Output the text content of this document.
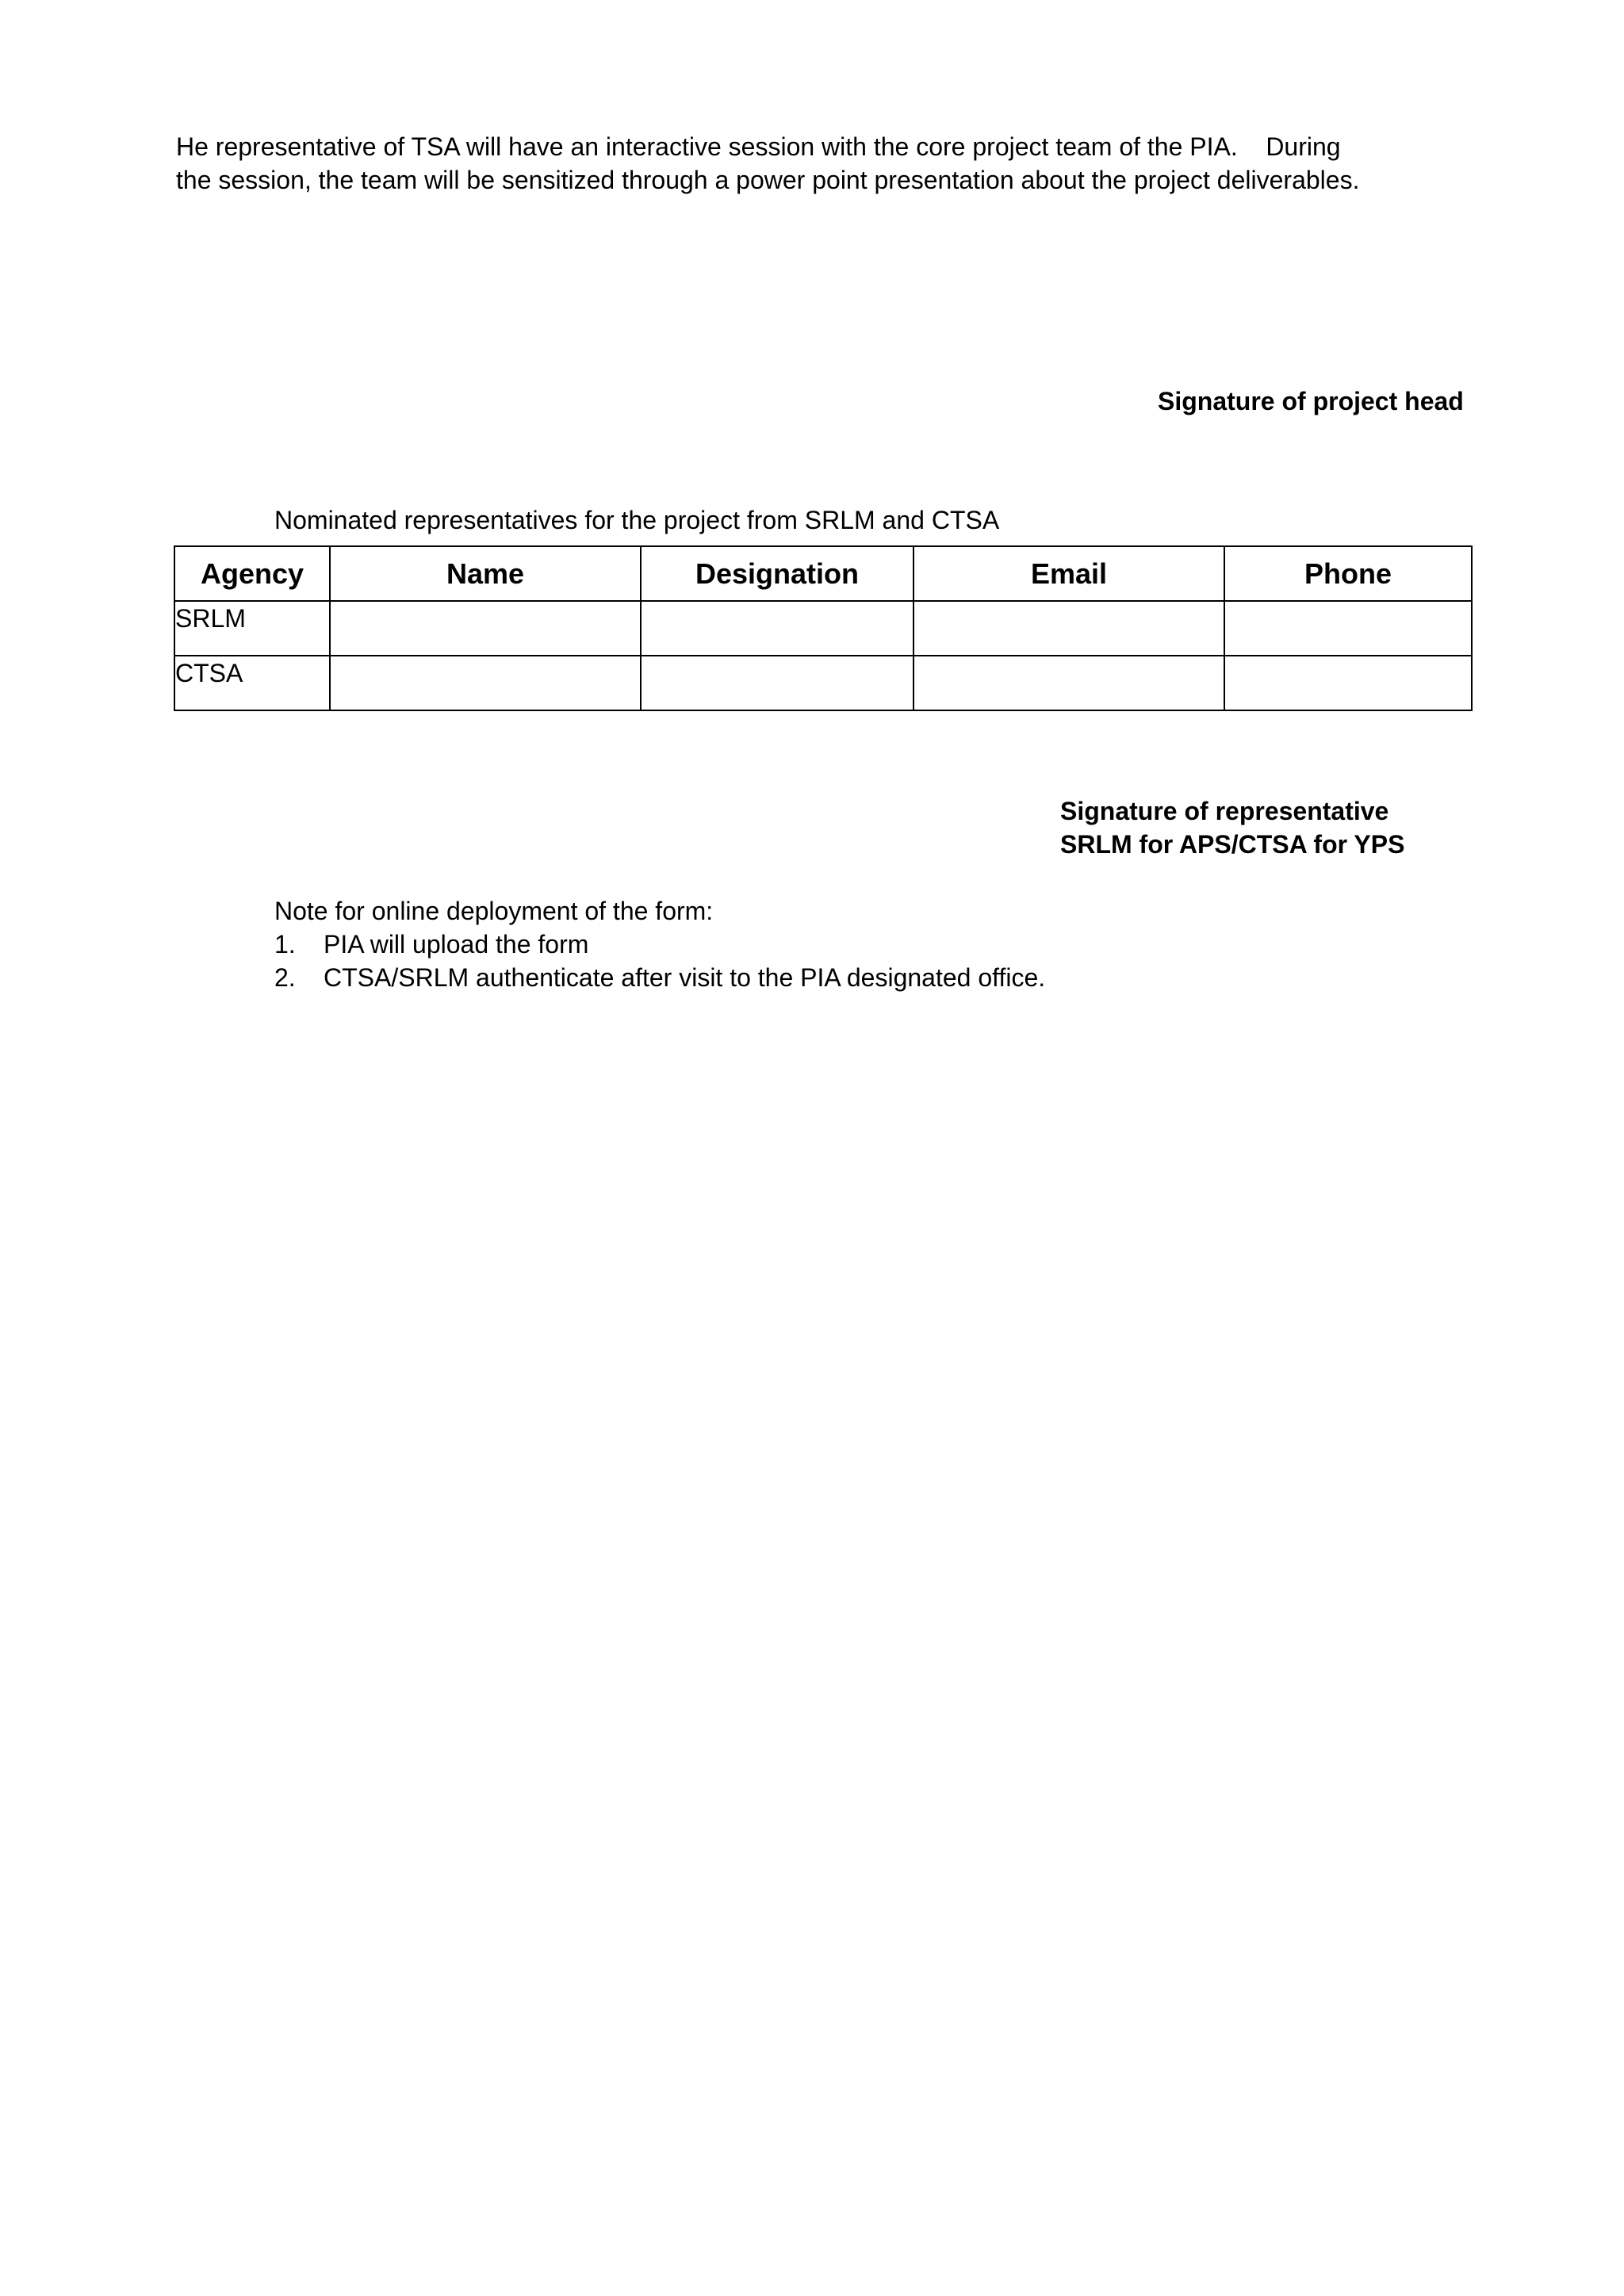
He representative of TSA will have an interactive session with the core project team of the PIA.    During

the session, the team will be sensitized through a power point presentation about the project deliverables.

Signature of project head
Nominated representatives for the project from SRLM and CTSA
Agency	Name	Designation	Email	Phone
SRLM				
CTSA				
Signature of representative
SRLM for APS/CTSA for YPS
Note for online deployment of the form:
1.	PIA will upload the form
2.	CTSA/SRLM authenticate after visit to the PIA designated office.
